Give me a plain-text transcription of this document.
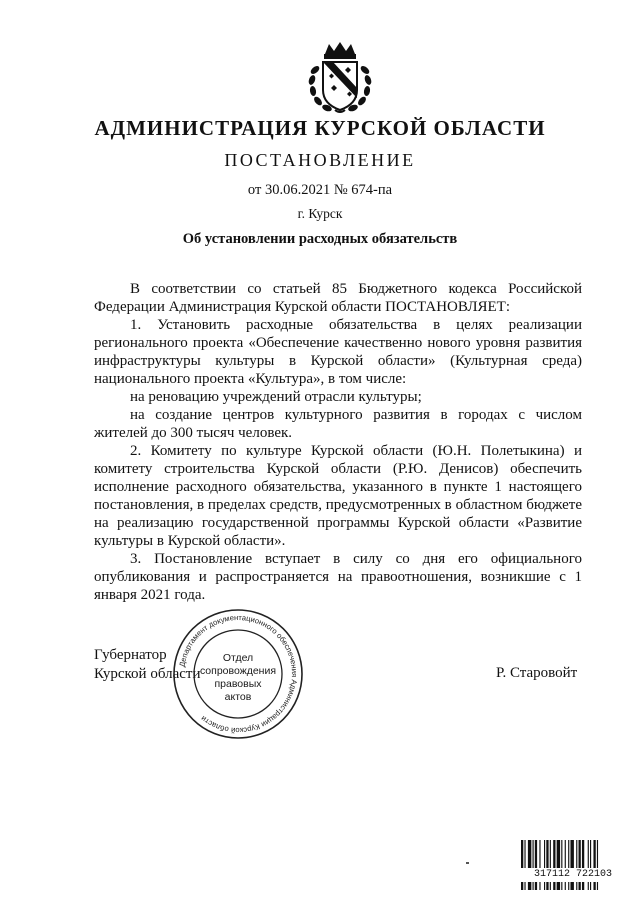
АДМИНИСТРАЦИЯ КУРСКОЙ ОБЛАСТИ
ПОСТАНОВЛЕНИЕ
от 30.06.2021 № 674-па
г. Курск
Об установлении расходных обязательств

В соответствии со статьей 85 Бюджетного кодекса Российской Федерации Администрация Курской области ПОСТАНОВЛЯЕТ:

1. Установить расходные обязательства в целях реализации регионального проекта «Обеспечение качественно нового уровня развития инфраструктуры культуры в Курской области» (Культурная среда) национального проекта «Культура», в том числе:

на реновацию учреждений отрасли культуры;

на создание центров культурного развития в городах с числом жителей до 300 тысяч человек.

2. Комитету по культуре Курской области (Ю.Н. Полетыкина) и комитету строительства Курской области (Р.Ю. Денисов) обеспечить исполнение расходного обязательства, указанного в пункте 1 настоящего постановления, в пределах средств, предусмотренных в областном бюджете на реализацию государственной программы Курской области «Развитие культуры в Курской области».

3. Постановление вступает в силу со дня его официального опубликования и распространяется на правоотношения, возникшие с 1 января 2021 года.

Губернатор
Курской области	Р. Старовойт
Департамент документационного обеспечения Администрации Курской области
Отдел
сопровождения
правовых
актов
317112 722103
